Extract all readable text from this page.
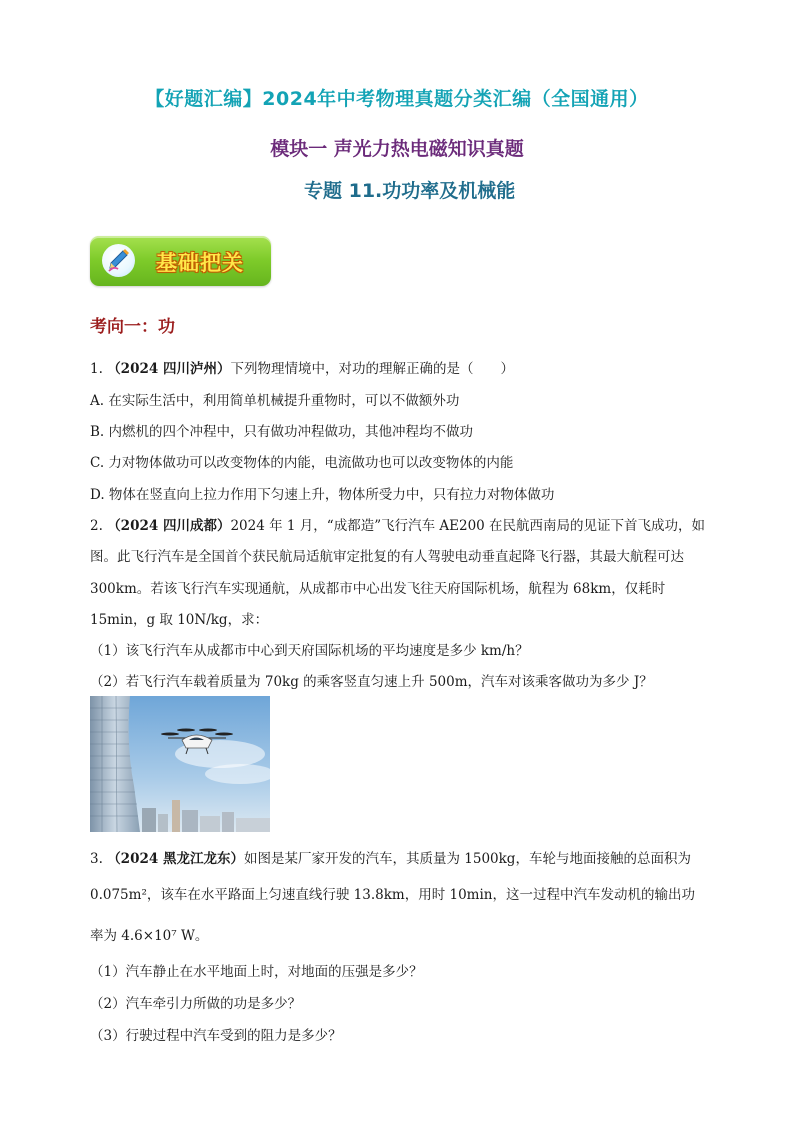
【好题汇编】2024年中考物理真题分类汇编（全国通用）
模块一 声光力热电磁知识真题
专题 11.功功率及机械能
基础把关
考向一：功
1. （2024 四川泸州）下列物理情境中，对功的理解正确的是（　　）
A. 在实际生活中，利用简单机械提升重物时，可以不做额外功
B. 内燃机的四个冲程中，只有做功冲程做功，其他冲程均不做功
C. 力对物体做功可以改变物体的内能，电流做功也可以改变物体的内能
D. 物体在竖直向上拉力作用下匀速上升，物体所受力中，只有拉力对物体做功
2. （2024 四川成都）2024 年 1 月，“成都造”飞行汽车 AE200 在民航西南局的见证下首飞成功，如
图。此飞行汽车是全国首个获民航局适航审定批复的有人驾驶电动垂直起降飞行器，其最大航程可达
300km。若该飞行汽车实现通航，从成都市中心出发飞往天府国际机场，航程为 68km，仅耗时
15min，g 取 10N/kg，求：
（1）该飞行汽车从成都市中心到天府国际机场的平均速度是多少 km/h？
（2）若飞行汽车载着质量为 70kg 的乘客竖直匀速上升 500m，汽车对该乘客做功为多少 J？
3. （2024 黑龙江龙东）如图是某厂家开发的汽车，其质量为 1500kg，车轮与地面接触的总面积为
0.075m²，该车在水平路面上匀速直线行驶 13.8km，用时 10min，这一过程中汽车发动机的输出功
率为 4.6×10⁷ W。
（1）汽车静止在水平地面上时，对地面的压强是多少？
（2）汽车牵引力所做的功是多少？
（3）行驶过程中汽车受到的阻力是多少？
